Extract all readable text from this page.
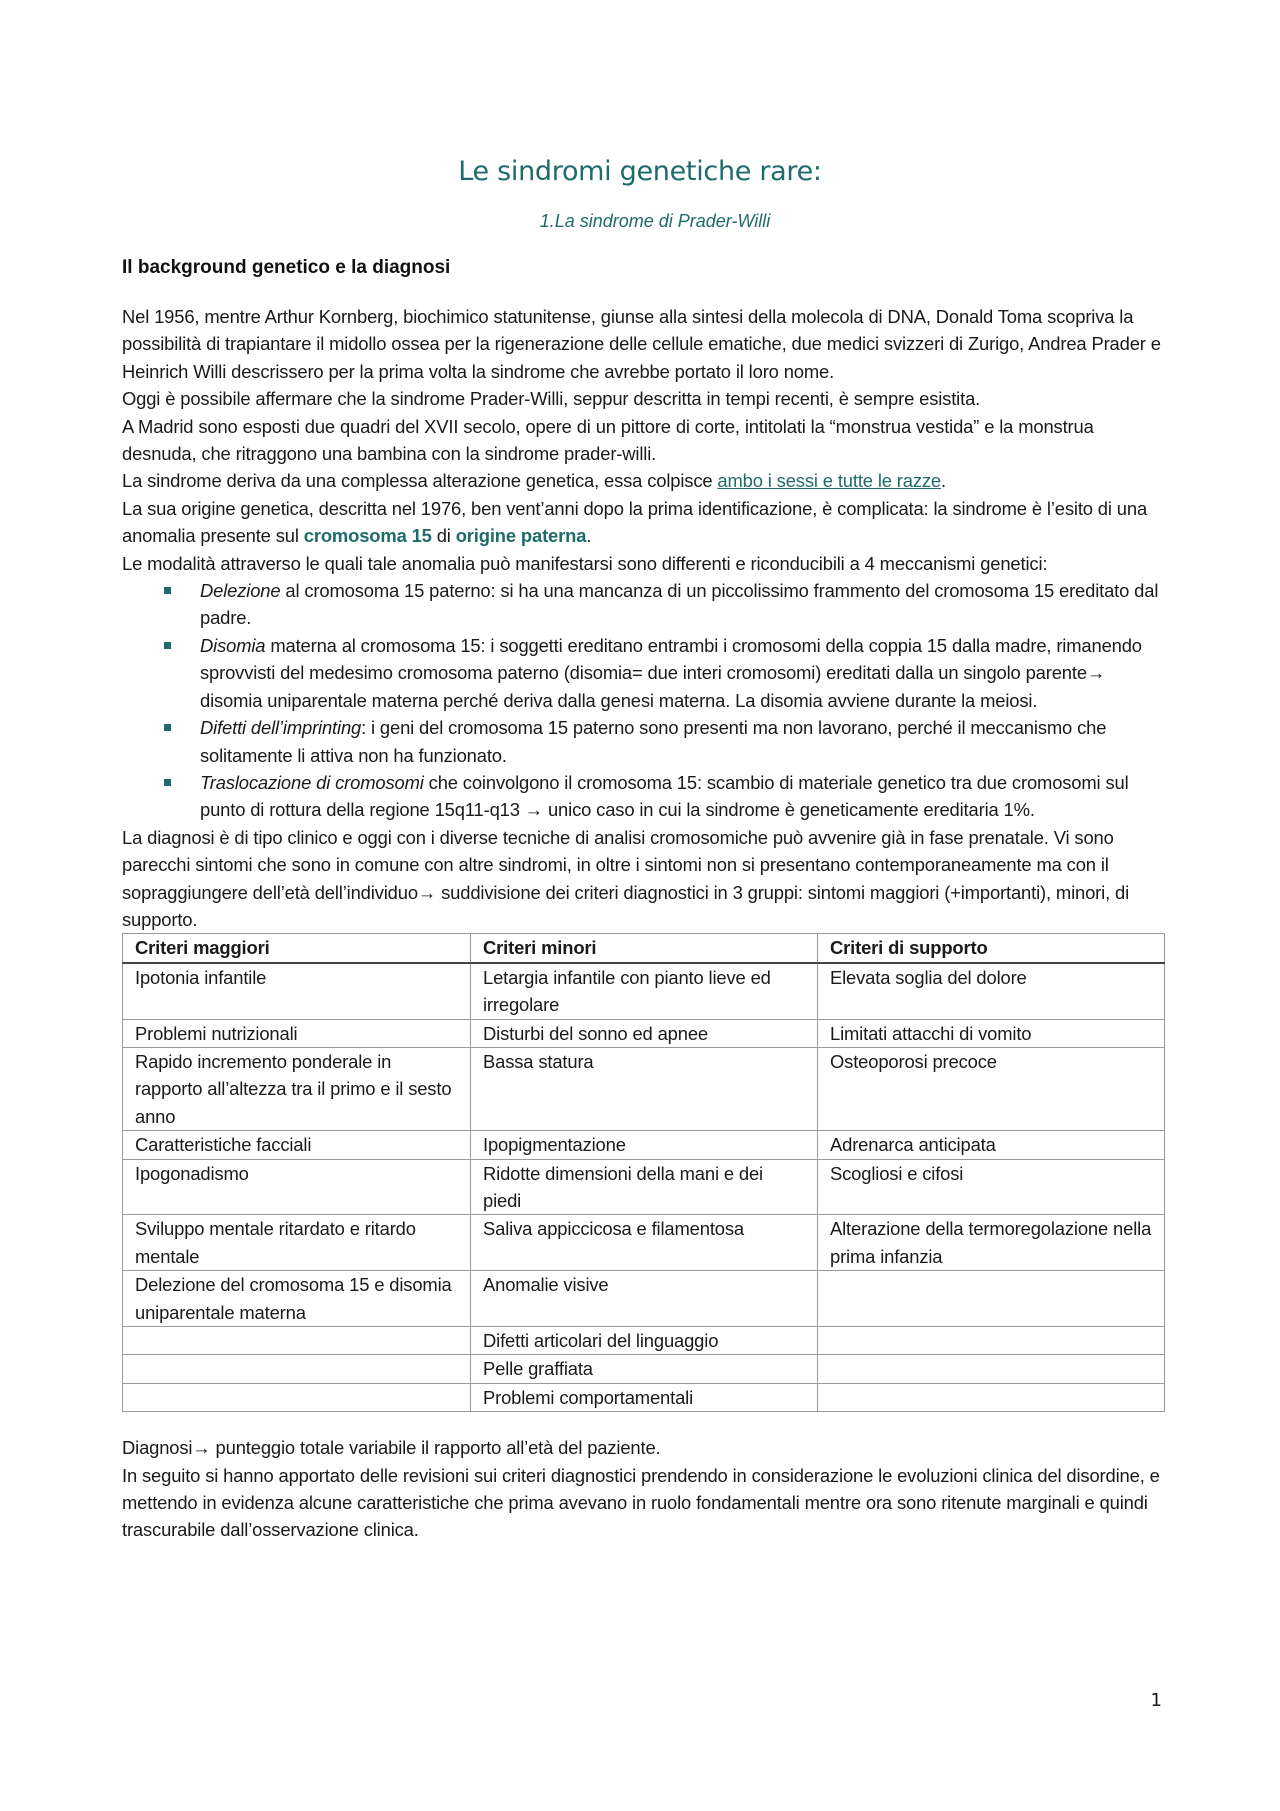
Le sindromi genetiche rare:
1.La sindrome di Prader-Willi
Il background genetico e la diagnosi

Nel 1956, mentre Arthur Kornberg, biochimico statunitense, giunse alla sintesi della molecola di DNA, Donald Toma scopriva la possibilità di trapiantare il midollo ossea per la rigenerazione delle cellule ematiche, due medici svizzeri di Zurigo, Andrea Prader e Heinrich Willi descrissero per la prima volta la sindrome che avrebbe portato il loro nome.

Oggi è possibile affermare che la sindrome Prader-Willi, seppur descritta in tempi recenti, è sempre esistita.

A Madrid sono esposti due quadri del XVII secolo, opere di un pittore di corte, intitolati la “monstrua vestida” e la monstrua desnuda, che ritraggono una bambina con la sindrome prader-willi.

La sindrome deriva da una complessa alterazione genetica, essa colpisce ambo i sessi e tutte le razze.

La sua origine genetica, descritta nel 1976, ben vent’anni dopo la prima identificazione, è complicata: la sindrome è l’esito di una anomalia presente sul cromosoma 15 di origine paterna.

Le modalità attraverso le quali tale anomalia può manifestarsi sono differenti e riconducibili a 4 meccanismi genetici:

Delezione al cromosoma 15 paterno: si ha una mancanza di un piccolissimo frammento del cromosoma 15 ereditato dal padre.
Disomia materna al cromosoma 15: i soggetti ereditano entrambi i cromosomi della coppia 15 dalla madre, rimanendo sprovvisti del medesimo cromosoma paterno (disomia= due interi cromosomi) ereditati dalla un singolo parente→ disomia uniparentale materna perché deriva dalla genesi materna. La disomia avviene durante la meiosi.
Difetti dell’imprinting: i geni del cromosoma 15 paterno sono presenti ma non lavorano, perché il meccanismo che solitamente li attiva non ha funzionato.
Traslocazione di cromosomi che coinvolgono il cromosoma 15: scambio di materiale genetico tra due cromosomi sul punto di rottura della regione 15q11-q13 → unico caso in cui la sindrome è geneticamente ereditaria 1%.

La diagnosi è di tipo clinico e oggi con i diverse tecniche di analisi cromosomiche può avvenire già in fase prenatale. Vi sono parecchi sintomi che sono in comune con altre sindromi, in oltre i sintomi non si presentano contemporaneamente ma con il sopraggiungere dell’età dell’individuo→ suddivisione dei criteri diagnostici in 3 gruppi: sintomi maggiori (+importanti), minori, di supporto.

Criteri maggiori	Criteri minori	Criteri di supporto
Ipotonia infantile	Letargia infantile con pianto lieve ed irregolare	Elevata soglia del dolore
Problemi nutrizionali	Disturbi del sonno ed apnee	Limitati attacchi di vomito
Rapido incremento ponderale in rapporto all’altezza tra il primo e il sesto anno	Bassa statura	Osteoporosi precoce
Caratteristiche facciali	Ipopigmentazione	Adrenarca anticipata
Ipogonadismo	Ridotte dimensioni della mani e dei piedi	Scogliosi e cifosi
Sviluppo mentale ritardato e ritardo mentale	Saliva appiccicosa e filamentosa	Alterazione della termoregolazione nella prima infanzia
Delezione del cromosoma 15 e disomia uniparentale materna	Anomalie visive	
	Difetti articolari del linguaggio	
	Pelle graffiata	
	Problemi comportamentali	

Diagnosi→ punteggio totale variabile il rapporto all’età del paziente.

In seguito si hanno apportato delle revisioni sui criteri diagnostici prendendo in considerazione le evoluzioni clinica del disordine, e mettendo in evidenza alcune caratteristiche che prima avevano in ruolo fondamentali mentre ora sono ritenute marginali e quindi trascurabile dall’osservazione clinica.

1
